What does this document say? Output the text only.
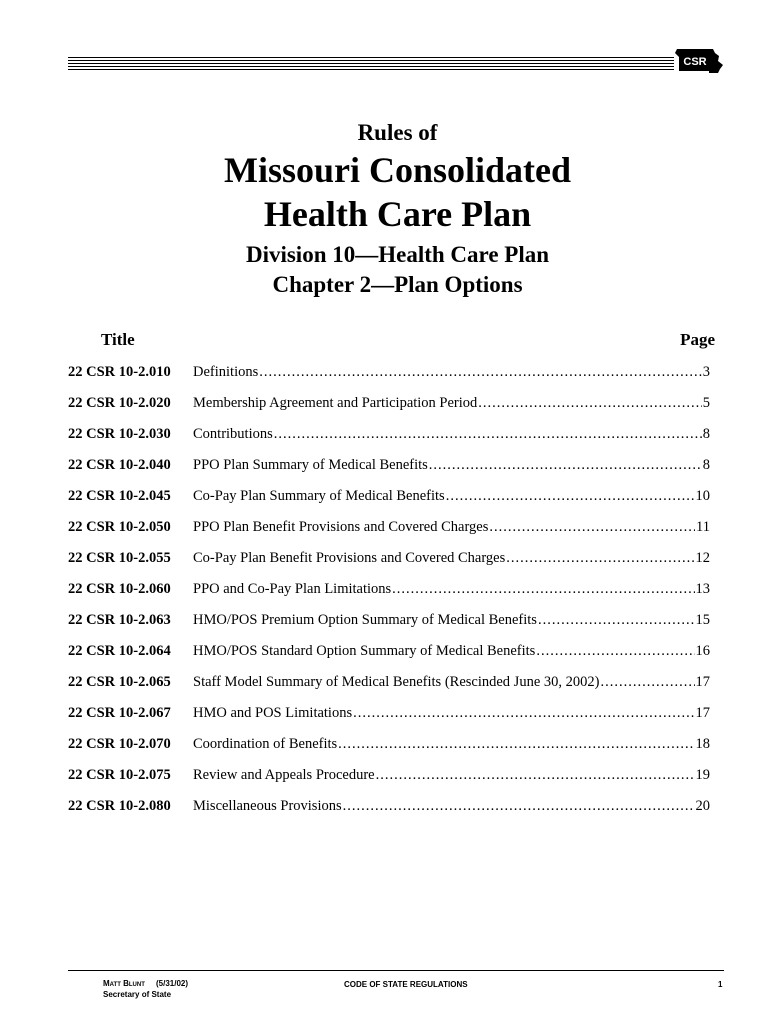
CSR
Rules of
Missouri Consolidated
Health Care Plan
Division 10—Health Care Plan
Chapter 2—Plan Options
Title	Page
22 CSR 10-2.010	Definitions .....	3
22 CSR 10-2.020	Membership Agreement and Participation Period .....	5
22 CSR 10-2.030	Contributions .....	8
22 CSR 10-2.040	PPO Plan Summary of Medical Benefits .....	8
22 CSR 10-2.045	Co-Pay Plan Summary of Medical Benefits .....	10
22 CSR 10-2.050	PPO Plan Benefit Provisions and Covered Charges .....	11
22 CSR 10-2.055	Co-Pay Plan Benefit Provisions and Covered Charges .....	12
22 CSR 10-2.060	PPO and Co-Pay Plan Limitations .....	13
22 CSR 10-2.063	HMO/POS Premium Option Summary of Medical Benefits .....	15
22 CSR 10-2.064	HMO/POS Standard Option Summary of Medical Benefits .....	16
22 CSR 10-2.065	Staff Model Summary of Medical Benefits (Rescinded June 30, 2002) .....	17
22 CSR 10-2.067	HMO and POS Limitations .....	17
22 CSR 10-2.070	Coordination of Benefits .....	18
22 CSR 10-2.075	Review and Appeals Procedure .....	19
22 CSR 10-2.080	Miscellaneous Provisions .....	20
Matt Blunt (5/31/02)
Secretary of State
CODE OF STATE REGULATIONS	1
